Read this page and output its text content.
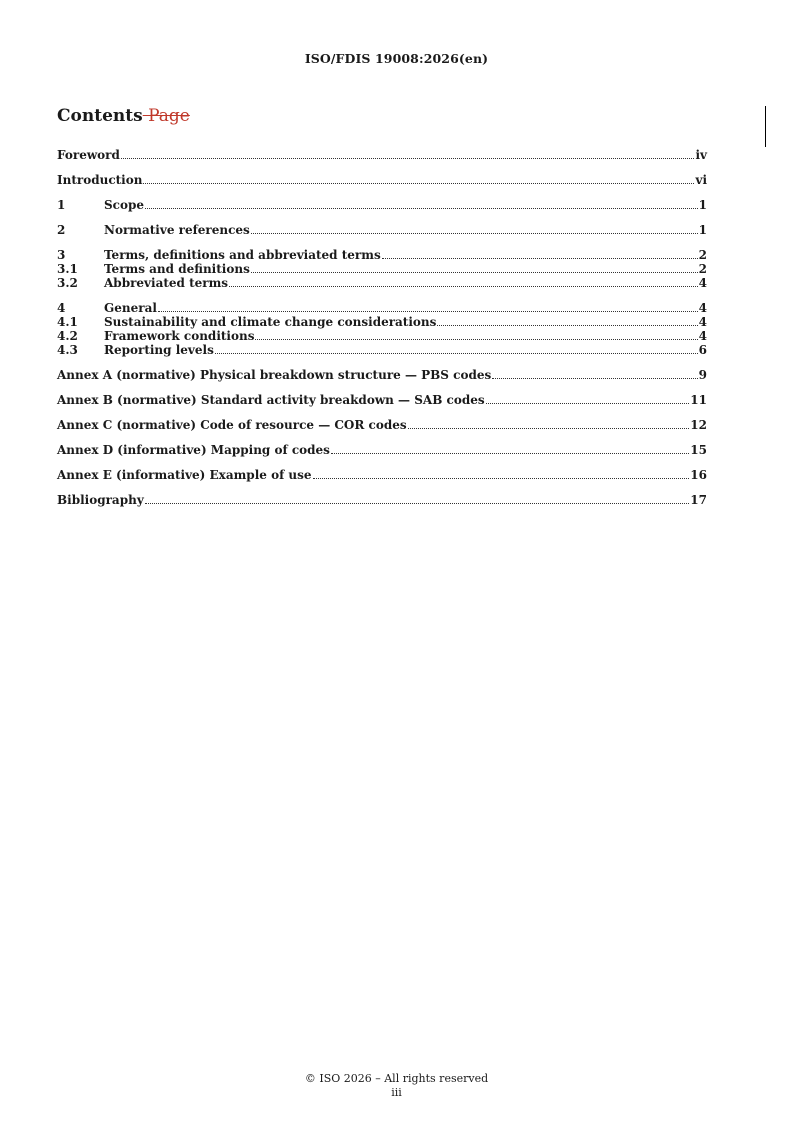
ISO/FDIS 19008:2026(en)
Contents Page
Foreword	iv
Introduction	vi
1	Scope	1
2	Normative references	1
3	Terms, definitions and abbreviated terms	2
3.1	Terms and definitions	2
3.2	Abbreviated terms	4
4	General	4
4.1	Sustainability and climate change considerations	4
4.2	Framework conditions	4
4.3	Reporting levels	6
Annex A (normative) Physical breakdown structure — PBS codes	9
Annex B (normative) Standard activity breakdown — SAB codes	11
Annex C (normative) Code of resource — COR codes	12
Annex D (informative) Mapping of codes	15
Annex E (informative) Example of use	16
Bibliography	17
© ISO 2026 – All rights reserved
iii
